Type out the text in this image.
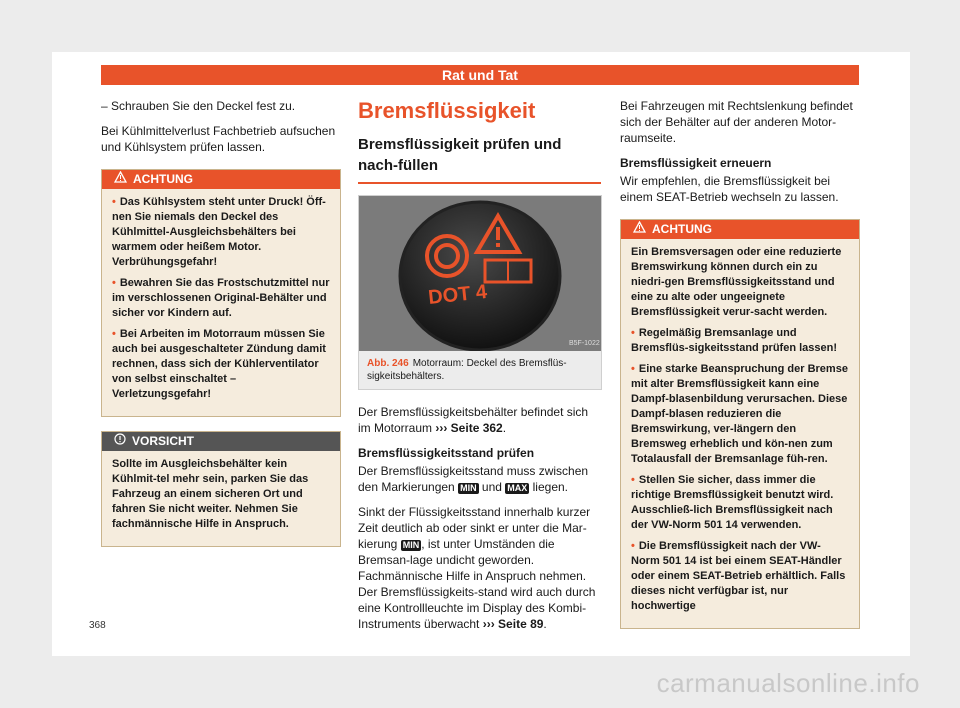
Rat und Tat

– Schrauben Sie den Deckel fest zu.

Bei Kühlmittelverlust Fachbetrieb aufsuchen und Kühlsystem prüfen lassen.

ACHTUNG

• Das Kühlsystem steht unter Druck! Öff-nen Sie niemals den Deckel des Kühlmittel-Ausgleichsbehälters bei warmem oder heißem Motor. Verbrühungsgefahr!

• Bewahren Sie das Frostschutzmittel nur im verschlossenen Original-Behälter und sicher vor Kindern auf.

• Bei Arbeiten im Motorraum müssen Sie auch bei ausgeschalteter Zündung damit rechnen, dass sich der Kühlerventilator von selbst einschaltet – Verletzungsgefahr!

VORSICHT

Sollte im Ausgleichsbehälter kein Kühlmit-tel mehr sein, parken Sie das Fahrzeug an einem sicheren Ort und fahren Sie nicht weiter. Nehmen Sie fachmännische Hilfe in Anspruch.

Bremsflüssigkeit
Bremsflüssigkeit prüfen und nach-füllen
DOT 4
B5F-1022
Abb. 246 Motorraum: Deckel des Bremsflüs-sigkeitsbehälters.

Der Bremsflüssigkeitsbehälter befindet sich im Motorraum ››› Seite 362.

Bremsflüssigkeitsstand prüfen

Der Bremsflüssigkeitsstand muss zwischen den Markierungen MIN und MAX liegen.

Sinkt der Flüssigkeitsstand innerhalb kurzer Zeit deutlich ab oder sinkt er unter die Mar-kierung MIN , ist unter Umständen die Bremsan-lage undicht geworden. Fachmännische Hilfe in Anspruch nehmen. Der Bremsflüssigkeits-stand wird auch durch eine Kontrollleuchte im Display des Kombi-Instruments überwacht ››› Seite 89.

Bei Fahrzeugen mit Rechtslenkung befindet sich der Behälter auf der anderen Motor-raumseite.

Bremsflüssigkeit erneuern

Wir empfehlen, die Bremsflüssigkeit bei einem SEAT-Betrieb wechseln zu lassen.

ACHTUNG

Ein Bremsversagen oder eine reduzierte Bremswirkung können durch ein zu niedri-gen Bremsflüssigkeitsstand und eine zu alte oder ungeeignete Bremsflüssigkeit verur-sacht werden.

• Regelmäßig Bremsanlage und Bremsflüs-sigkeitsstand prüfen lassen!

• Eine starke Beanspruchung der Bremse mit alter Bremsflüssigkeit kann eine Dampf-blasenbildung verursachen. Diese Dampf-blasen reduzieren die Bremswirkung, ver-längern den Bremsweg erheblich und kön-nen zum Totalausfall der Bremsanlage füh-ren.

• Stellen Sie sicher, dass immer die richtige Bremsflüssigkeit benutzt wird. Ausschließ-lich Bremsflüssigkeit nach der VW-Norm 501 14 verwenden.

• Die Bremsflüssigkeit nach der VW-Norm 501 14 ist bei einem SEAT-Händler oder einem SEAT-Betrieb erhältlich. Falls dieses nicht verfügbar ist, nur hochwertige

368
carmanualsonline.info
